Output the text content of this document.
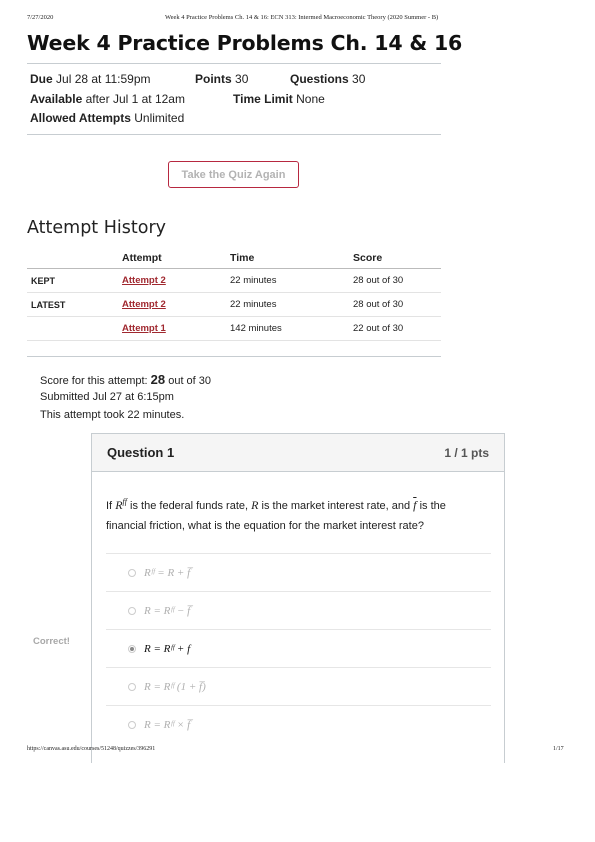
7/27/2020	Week 4 Practice Problems Ch. 14 & 16: ECN 313: Intermed Macroeconomic Theory (2020 Summer - B)
Week 4 Practice Problems Ch. 14 & 16
Due Jul 28 at 11:59pm	Points 30	Questions 30
Available after Jul 1 at 12am	Time Limit None
Allowed Attempts Unlimited
Take the Quiz Again
Attempt History
	Attempt	Time	Score
KEPT	Attempt 2	22 minutes	28 out of 30
LATEST	Attempt 2	22 minutes	28 out of 30
	Attempt 1	142 minutes	22 out of 30
Score for this attempt: 28 out of 30
Submitted Jul 27 at 6:15pm
This attempt took 22 minutes.
Correct!
Question 1	1 / 1 pts
If $R^{ff}$ is the federal funds rate, R is the market interest rate, and $\overline{f}$ is the financial friction, what is the equation for the market interest rate?
Rᶠᶠ = R + f̅
R = Rᶠᶠ − f̅
R = Rᶠᶠ + f
R = Rᶠᶠ (1 + f̅)
R = Rᶠᶠ × f̅
https://canvas.asu.edu/courses/51248/quizzes/396291	1/17
